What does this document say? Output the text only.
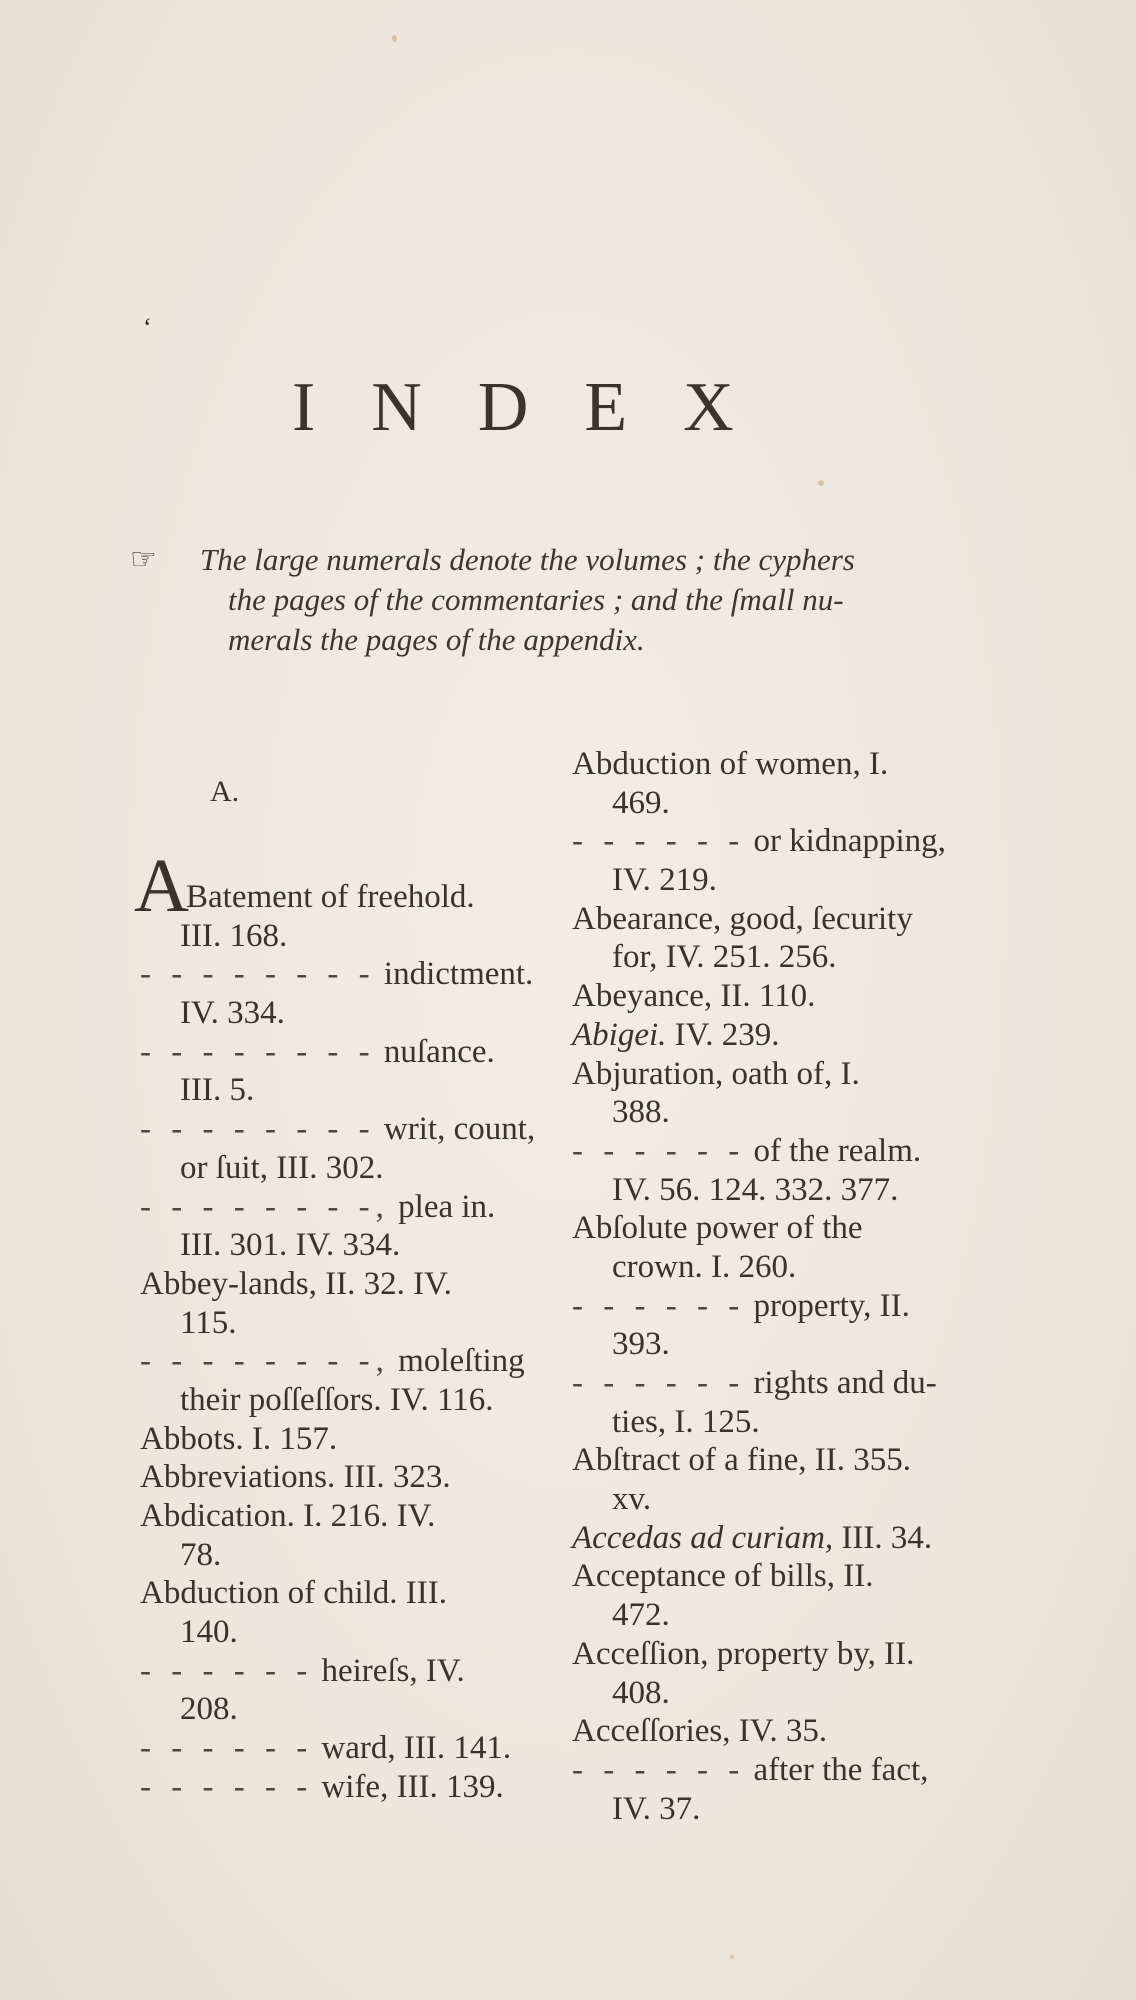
‘
INDEX
☞ The large numerals denote the volumes ; the cyphers
the pages of the commentaries ; and the ſmall nu-
merals the pages of the appendix.
A.
A
Batement of freehold.
III. 168.
- - - - - - - - indictment.
IV. 334.
- - - - - - - - nuſance.
III. 5.
- - - - - - - - writ, count,
or ſuit, III. 302.
- - - - - - - -, plea in.
III. 301. IV. 334.
Abbey-lands, II. 32. IV.
115.
- - - - - - - -, moleſting
their poſſeſſors. IV. 116.
Abbots. I. 157.
Abbreviations. III. 323.
Abdication. I. 216. IV.
78.
Abduction of child. III.
140.
- - - - - - heireſs, IV.
208.
- - - - - - ward, III. 141.
- - - - - - wife, III. 139.
Abduction of women, I.
469.
- - - - - - or kidnapping,
IV. 219.
Abearance, good, ſecurity
for, IV. 251. 256.
Abeyance, II. 110.
Abigei. IV. 239.
Abjuration, oath of, I.
388.
- - - - - - of the realm.
IV. 56. 124. 332. 377.
Abſolute power of the
crown. I. 260.
- - - - - - property, II.
393.
- - - - - - rights and du-
ties, I. 125.
Abſtract of a fine, II. 355.
xv.
Accedas ad curiam, III. 34.
Acceptance of bills, II.
472.
Acceſſion, property by, II.
408.
Acceſſories, IV. 35.
- - - - - - after the fact,
IV. 37.
